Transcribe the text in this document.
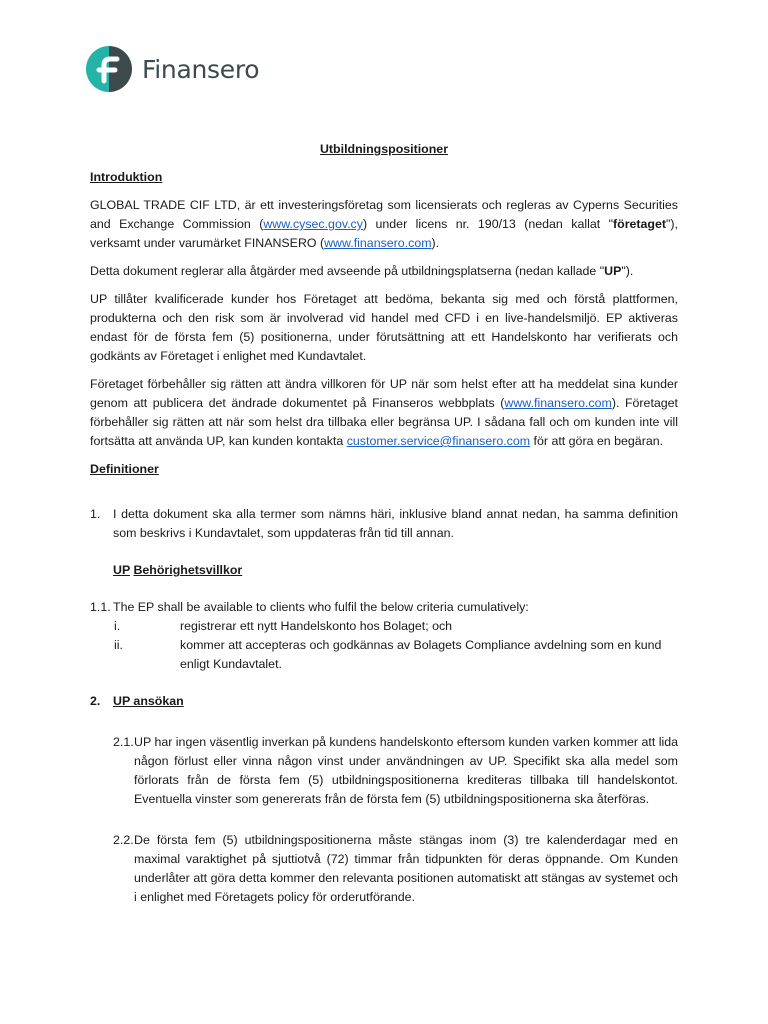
Finansero
Utbildningspositioner
Introduktion

GLOBAL TRADE CIF LTD, är ett investeringsföretag som licensierats och regleras av Cyperns Securities and Exchange Commission (www.cysec.gov.cy) under licens nr. 190/13 (nedan kallat "företaget"), verksamt under varumärket FINANSERO (www.finansero.com).

Detta dokument reglerar alla åtgärder med avseende på utbildningsplatserna (nedan kallade "UP").

UP tillåter kvalificerade kunder hos Företaget att bedöma, bekanta sig med och förstå plattformen, produkterna och den risk som är involverad vid handel med CFD i en live-handelsmiljö. EP aktiveras endast för de första fem (5) positionerna, under förutsättning att ett Handelskonto har verifierats och godkänts av Företaget i enlighet med Kundavtalet.

Företaget förbehåller sig rätten att ändra villkoren för UP när som helst efter att ha meddelat sina kunder genom att publicera det ändrade dokumentet på Finanseros webbplats (www.finansero.com). Företaget förbehåller sig rätten att när som helst dra tillbaka eller begränsa UP. I sådana fall och om kunden inte vill fortsätta att använda UP, kan kunden kontakta customer.service@finansero.com för att göra en begäran.

Definitioner
1.	I detta dokument ska alla termer som nämns häri, inklusive bland annat nedan, ha samma definition som beskrivs i Kundavtalet, som uppdateras från tid till annan.
UP Behörighetsvillkor
1.1. The EP shall be available to clients who fulfil the below criteria cumulatively:
i.	registrerar ett nytt Handelskonto hos Bolaget; och
ii.	kommer att accepteras och godkännas av Bolagets Compliance avdelning som en kund enligt Kundavtalet.
2.	UP ansökan
2.1. UP har ingen väsentlig inverkan på kundens handelskonto eftersom kunden varken kommer att lida någon förlust eller vinna någon vinst under användningen av UP. Specifikt ska alla medel som förlorats från de första fem (5) utbildningspositionerna krediteras tillbaka till handelskontot. Eventuella vinster som genererats från de första fem (5) utbildningspositionerna ska återföras.
2.2. De första fem (5) utbildningspositionerna måste stängas inom (3) tre kalenderdagar med en maximal varaktighet på sjuttiotvå (72) timmar från tidpunkten för deras öppnande. Om Kunden underlåter att göra detta kommer den relevanta positionen automatiskt att stängas av systemet och i enlighet med Företagets policy för orderutförande.
